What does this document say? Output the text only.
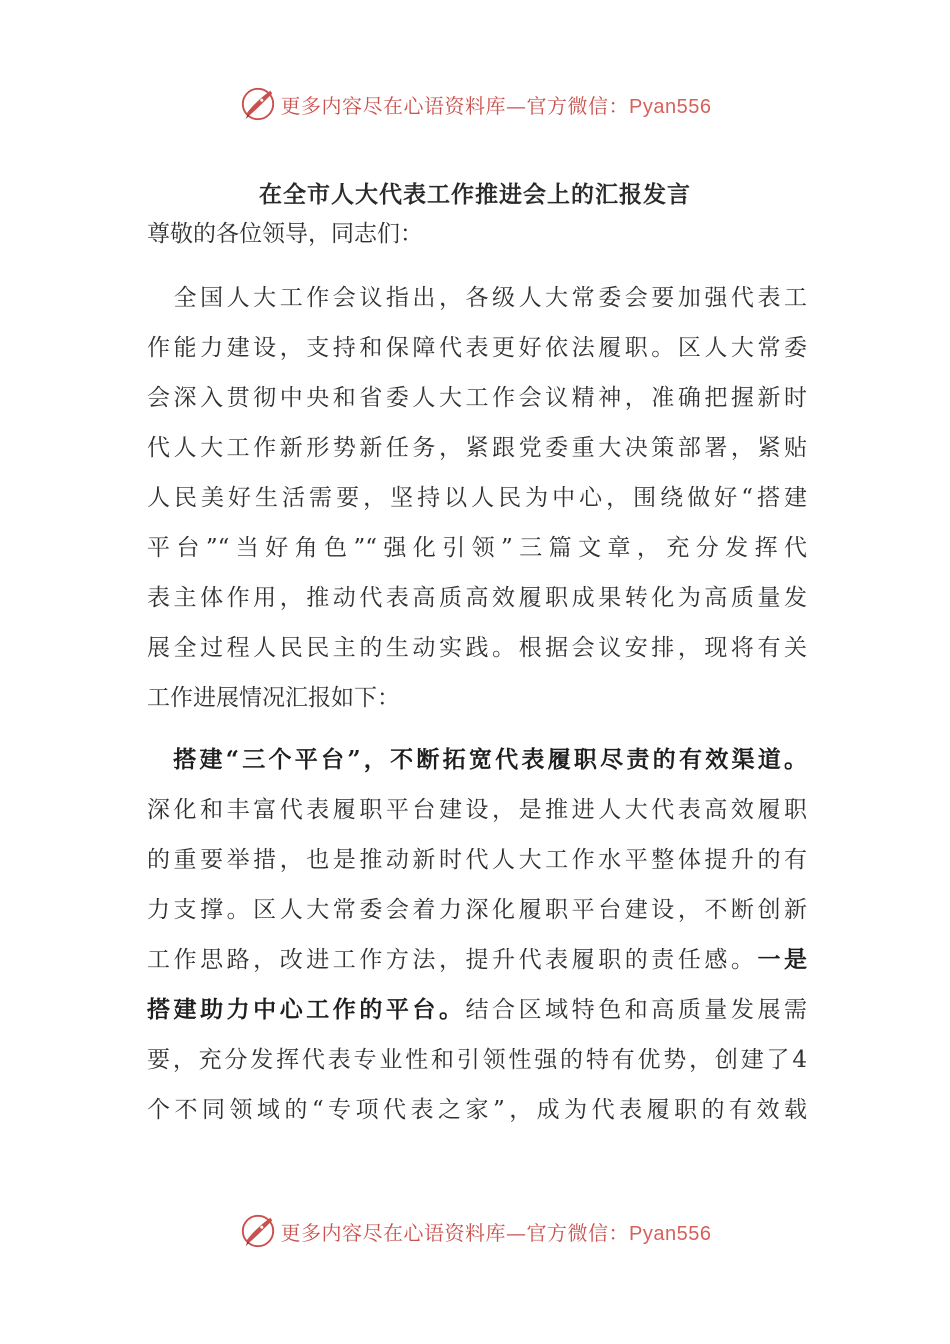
更多内容尽在心语资料库—官方微信：Pyan556
在全市人大代表工作推进会上的汇报发言
尊敬的各位领导，同志们：
　全国人大工作会议指出，各级人大常委会要加强代表工
作能力建设，支持和保障代表更好依法履职。区人大常委
会深入贯彻中央和省委人大工作会议精神，准确把握新时
代人大工作新形势新任务，紧跟党委重大决策部署，紧贴
人民美好生活需要，坚持以人民为中心，围绕做好“搭建
平台”“当好角色”“强化引领”三篇文章，充分发挥代
表主体作用，推动代表高质高效履职成果转化为高质量发
展全过程人民民主的生动实践。根据会议安排，现将有关
工作进展情况汇报如下：
　搭建“三个平台”，不断拓宽代表履职尽责的有效渠道。
深化和丰富代表履职平台建设，是推进人大代表高效履职
的重要举措，也是推动新时代人大工作水平整体提升的有
力支撑。区人大常委会着力深化履职平台建设，不断创新
工作思路，改进工作方法，提升代表履职的责任感。一是
搭建助力中心工作的平台。结合区域特色和高质量发展需
要，充分发挥代表专业性和引领性强的特有优势，创建了4
个不同领域的“专项代表之家”，成为代表履职的有效载
更多内容尽在心语资料库—官方微信：Pyan556
